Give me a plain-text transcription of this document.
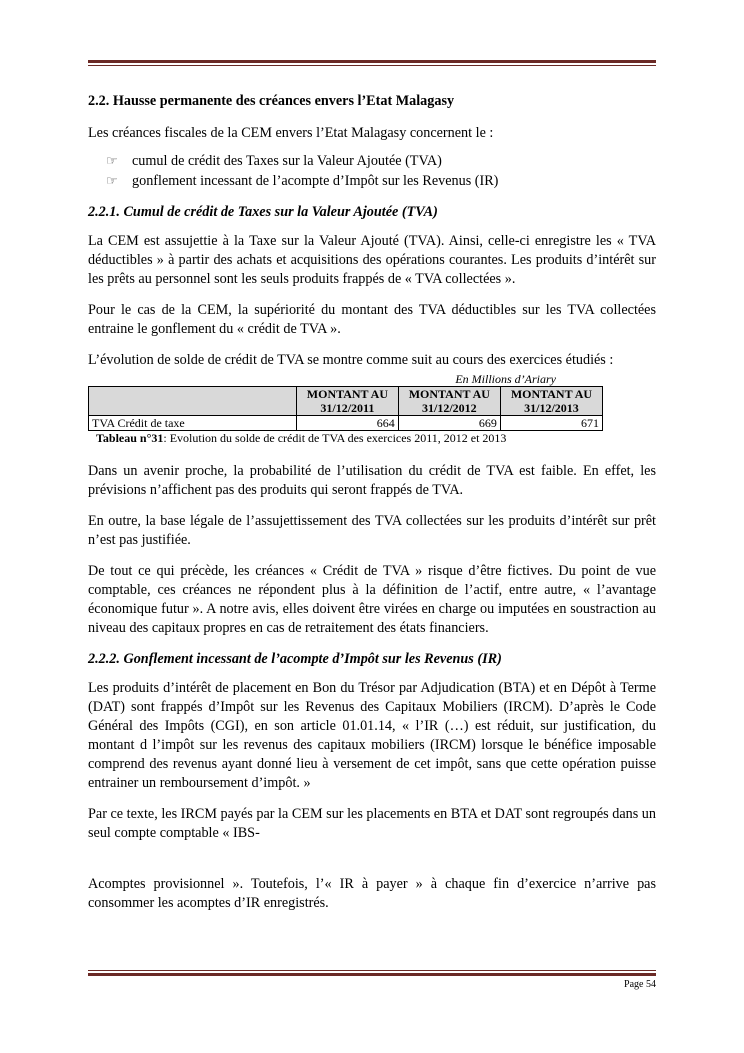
2.2. Hausse permanente des créances envers l’Etat Malagasy

Les créances fiscales de la CEM envers l’Etat Malagasy concernent le :

☞	cumul de crédit des Taxes sur la Valeur Ajoutée (TVA)
☞	gonflement incessant de l’acompte d’Impôt sur les Revenus (IR)
2.2.1. Cumul de crédit de Taxes sur la Valeur Ajoutée (TVA)

La CEM est assujettie à la Taxe sur la Valeur Ajouté (TVA). Ainsi, celle-ci enregistre les « TVA déductibles » à partir des achats et acquisitions des opérations courantes. Les produits d’intérêt sur les prêts au personnel sont les seuls produits frappés de « TVA collectées ».

Pour le cas de la CEM, la supériorité du montant des TVA déductibles sur les TVA collectées entraine le gonflement du « crédit de TVA ».

L’évolution de solde de crédit de TVA se montre comme suit au cours des exercices étudiés :

En Millions d’Ariary
	MONTANT AU 31/12/2011	MONTANT AU 31/12/2012	MONTANT AU 31/12/2013
TVA Crédit de taxe	664	669	671
Tableau n°31: Evolution du solde de crédit de TVA des exercices 2011, 2012 et 2013

Dans un avenir proche, la probabilité de l’utilisation du crédit de TVA est faible. En effet, les prévisions n’affichent pas des produits qui seront frappés de TVA.

En outre, la base légale de l’assujettissement des TVA collectées sur les produits d’intérêt sur prêt n’est pas justifiée.

De tout ce qui précède, les créances « Crédit de TVA » risque d’être fictives. Du point de vue comptable, ces créances ne répondent plus à la définition de l’actif, entre autre, « l’avantage économique futur ». A notre avis, elles doivent être virées en charge ou imputées en soustraction au niveau des capitaux propres en cas de retraitement des états financiers.

2.2.2. Gonflement incessant de l’acompte d’Impôt sur les Revenus (IR)

Les produits d’intérêt de placement en Bon du Trésor par Adjudication (BTA) et en Dépôt à Terme (DAT) sont frappés d’Impôt sur les Revenus des Capitaux Mobiliers (IRCM). D’après le Code Général des Impôts (CGI), en son article 01.01.14, « l’IR (…) est réduit, sur justification, du montant d l’impôt sur les revenus des capitaux mobiliers (IRCM) lorsque le bénéfice imposable comprend des revenus ayant donné lieu à versement de cet impôt, sans que cette opération puisse entrainer un remboursement d’impôt. »

Par ce texte, les IRCM payés par la CEM sur les placements en BTA et DAT sont regroupés dans un seul compte comptable « IBS-

Acomptes provisionnel ». Toutefois, l’« IR à payer » à chaque fin d’exercice n’arrive pas consommer les acomptes d’IR enregistrés.

Page 54
